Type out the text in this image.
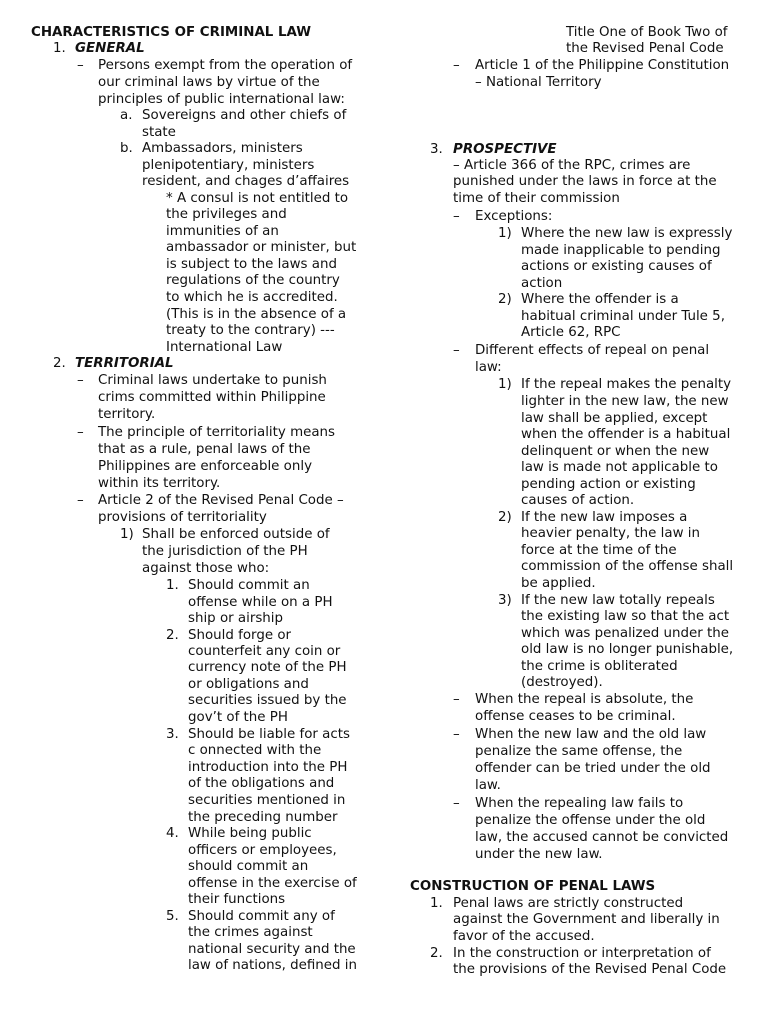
CHARACTERISTICS OF CRIMINAL LAW
1. GENERAL
– Persons exempt from the operation of
our criminal laws by virtue of the
principles of public international law:
a. Sovereigns and other chiefs of
state
b. Ambassadors, ministers
plenipotentiary, ministers
resident, and chages d’affaires
* A consul is not entitled to
the privileges and
immunities of an
ambassador or minister, but
is subject to the laws and
regulations of the country
to which he is accredited.
(This is in the absence of a
treaty to the contrary) ---
International Law
2. TERRITORIAL
– Criminal laws undertake to punish
crims committed within Philippine
territory.
– The principle of territoriality means
that as a rule, penal laws of the
Philippines are enforceable only
within its territory.
– Article 2 of the Revised Penal Code –
provisions of territoriality
1) Shall be enforced outside of
the jurisdiction of the PH
against those who:
1. Should commit an
offense while on a PH
ship or airship
2. Should forge or
counterfeit any coin or
currency note of the PH
or obligations and
securities issued by the
gov’t of the PH
3. Should be liable for acts
c onnected with the
introduction into the PH
of the obligations and
securities mentioned in
the preceding number
4. While being public
officers or employees,
should commit an
offense in the exercise of
their functions
5. Should commit any of
the crimes against
national security and the
law of nations, defined in
Title One of Book Two of
the Revised Penal Code
– Article 1 of the Philippine Constitution
– National Territory
3. PROSPECTIVE
– Article 366 of the RPC, crimes are
punished under the laws in force at the
time of their commission
– Exceptions:
1) Where the new law is expressly
made inapplicable to pending
actions or existing causes of
action
2) Where the offender is a
habitual criminal under Tule 5,
Article 62, RPC
– Different effects of repeal on penal
law:
1) If the repeal makes the penalty
lighter in the new law, the new
law shall be applied, except
when the offender is a habitual
delinquent or when the new
law is made not applicable to
pending action or existing
causes of action.
2) If the new law imposes a
heavier penalty, the law in
force at the time of the
commission of the offense shall
be applied.
3) If the new law totally repeals
the existing law so that the act
which was penalized under the
old law is no longer punishable,
the crime is obliterated
(destroyed).
– When the repeal is absolute, the
offense ceases to be criminal.
– When the new law and the old law
penalize the same offense, the
offender can be tried under the old
law.
– When the repealing law fails to
penalize the offense under the old
law, the accused cannot be convicted
under the new law.
CONSTRUCTION OF PENAL LAWS
1. Penal laws are strictly constructed
against the Government and liberally in
favor of the accused.
2. In the construction or interpretation of
the provisions of the Revised Penal Code
